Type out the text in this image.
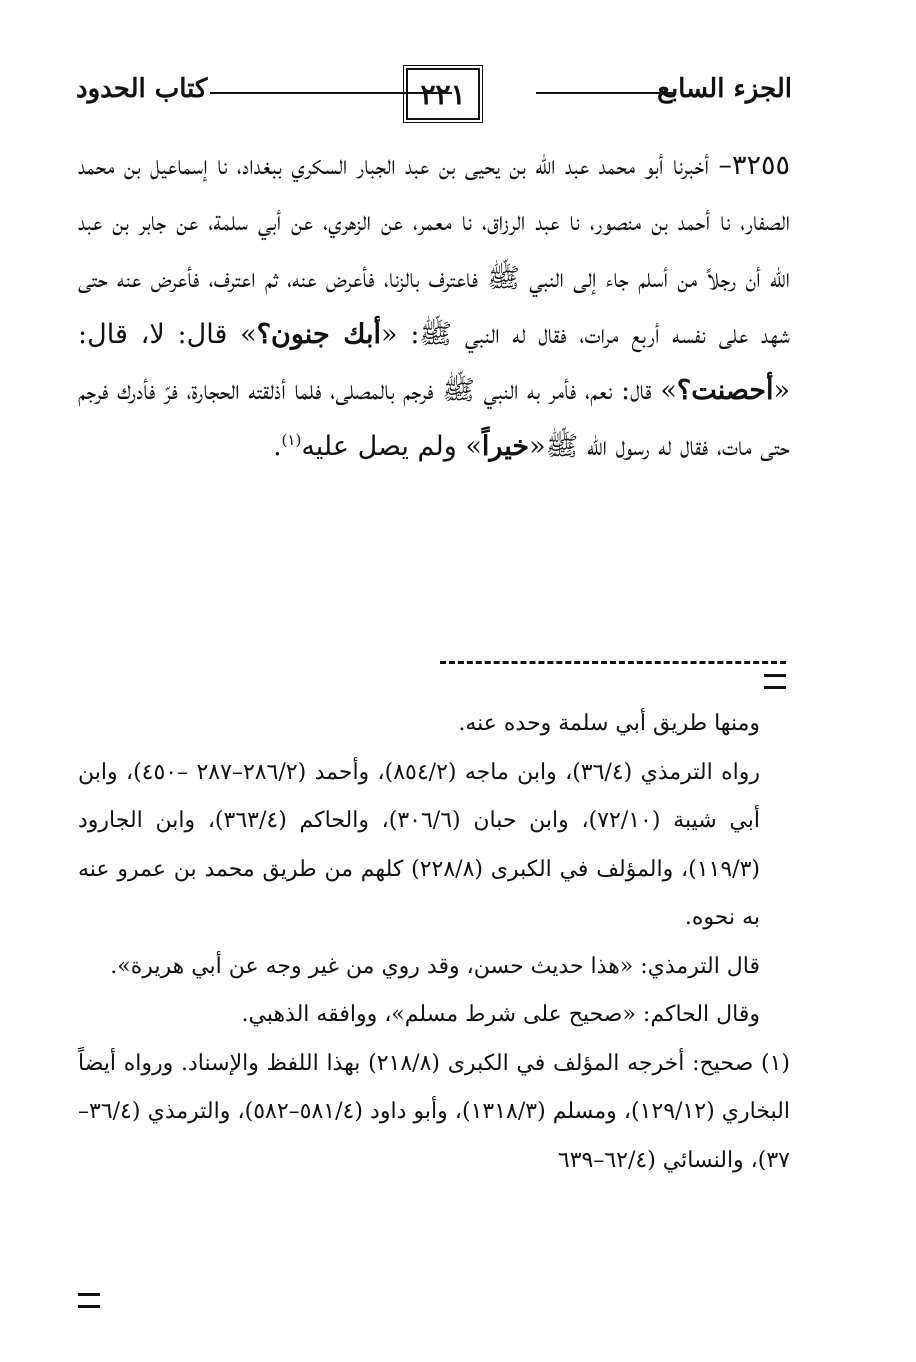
الجزء السابع
٢٢١
كتاب الحدود
٣٢٥٥– أخبرنا أبو محمد عبد الله بن يحيى بن عبد الجبار السكري ببغداد، نا إسماعيل بن محمد الصفار، نا أحمد بن منصور، نا عبد الرزاق، نا معمر، عن الزهري، عن أبي سلمة، عن جابر بن عبد الله أن رجلاً من أسلم جاء إلى النبي ﷺ فاعترف بالزنا، فأعرض عنه، ثم اعترف، فأعرض عنه حتى شهد على نفسه أربع مرات، فقال له النبي ﷺ: «أبك جنون؟» قال: لا، قال: «أحصنت؟» قال: نعم، فأمر به النبي ﷺ فرجم بالمصلى، فلما أذلقته الحجارة، فرّ فأدرك فرجم حتى مات، فقال له رسول الله ﷺ«خيراً» ولم يصل عليه$^{(١)}$.

ومنها طريق أبي سلمة وحده عنه.

رواه الترمذي (٣٦/٤)، وابن ماجه (٨٥٤/٢)، وأحمد (٢٨٦/٢–٢٨٧ –٤٥٠)، وابن أبي شيبة (٧٢/١٠)، وابن حبان (٣٠٦/٦)، والحاكم (٣٦٣/٤)، وابن الجارود (١١٩/٣)، والمؤلف في الكبرى (٢٢٨/٨) كلهم من طريق محمد بن عمرو عنه به نحوه.

قال الترمذي: «هذا حديث حسن، وقد روي من غير وجه عن أبي هريرة».

وقال الحاكم: «صحيح على شرط مسلم»، ووافقه الذهبي.

(١) صحيح: أخرجه المؤلف في الكبرى (٢١٨/٨) بهذا اللفظ والإسناد. ورواه أيضاً البخاري (١٢٩/١٢)، ومسلم (١٣١٨/٣)، وأبو داود (٥٨١/٤–٥٨٢)، والترمذي (٣٦/٤–٣٧)، والنسائي (٦٢/٤–٦٣٩
